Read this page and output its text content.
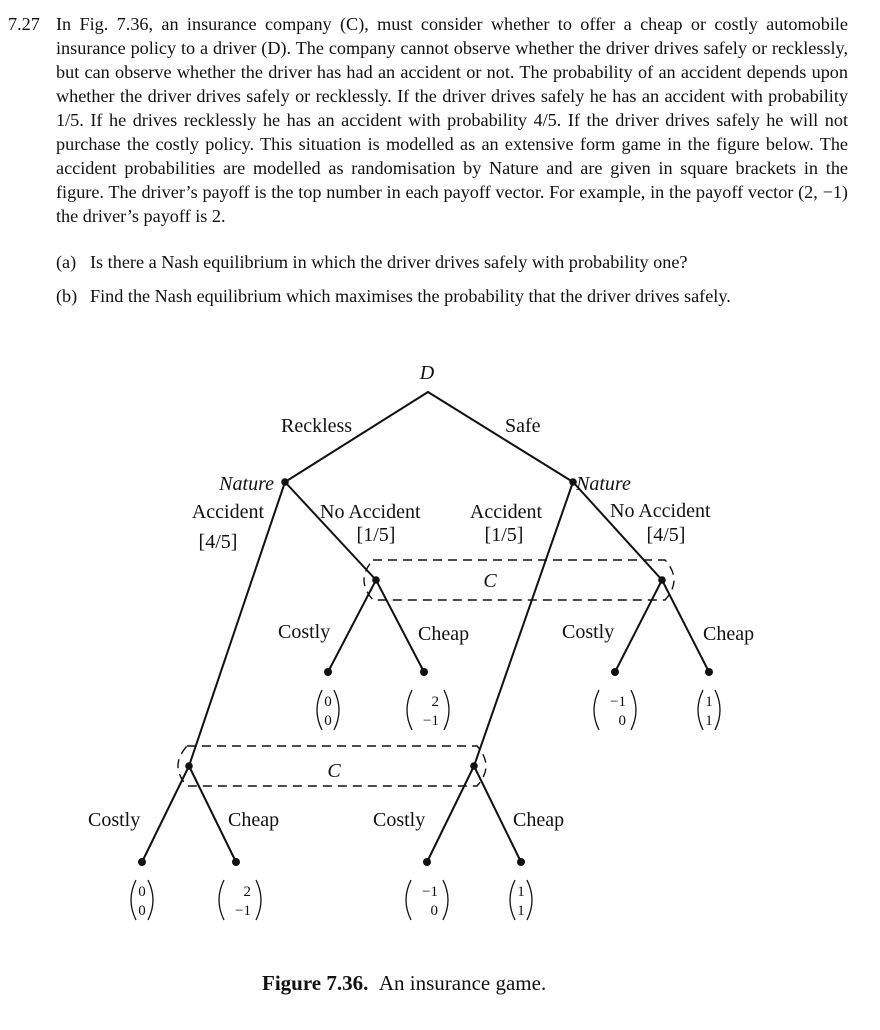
7.27 In Fig. 7.36, an insurance company (C), must consider whether to offer a cheap or costly automobile insurance policy to a driver (D). The company cannot observe whether the driver drives safely or recklessly, but can observe whether the driver has had an accident or not. The probability of an accident depends upon whether the driver drives safely or recklessly. If the driver drives safely he has an accident with probability 1/5. If he drives recklessly he has an accident with probability 4/5. If the driver drives safely he will not purchase the costly policy. This situation is modelled as an extensive form game in the figure below. The accident probabilities are modelled as randomisation by Nature and are given in square brackets in the figure. The driver’s payoff is the top number in each payoff vector. For example, in the payoff vector (2, −1) the driver’s payoff is 2.
(a) Is there a Nash equilibrium in which the driver drives safely with probability one?
(b) Find the Nash equilibrium which maximises the probability that the driver drives safely.
D
Reckless	Safe
Nature	Nature
Accident
[4/5]
No Accident
[1/5]
Accident
[1/5]
No Accident
[4/5]
C
C
Costly	Cheap	Costly	Cheap
Costly	Cheap	Costly	Cheap
0
0
2
−1
−1
0
1
1
0
0
2
−1
−1
0
1
1
Figure 7.36. An insurance game.
